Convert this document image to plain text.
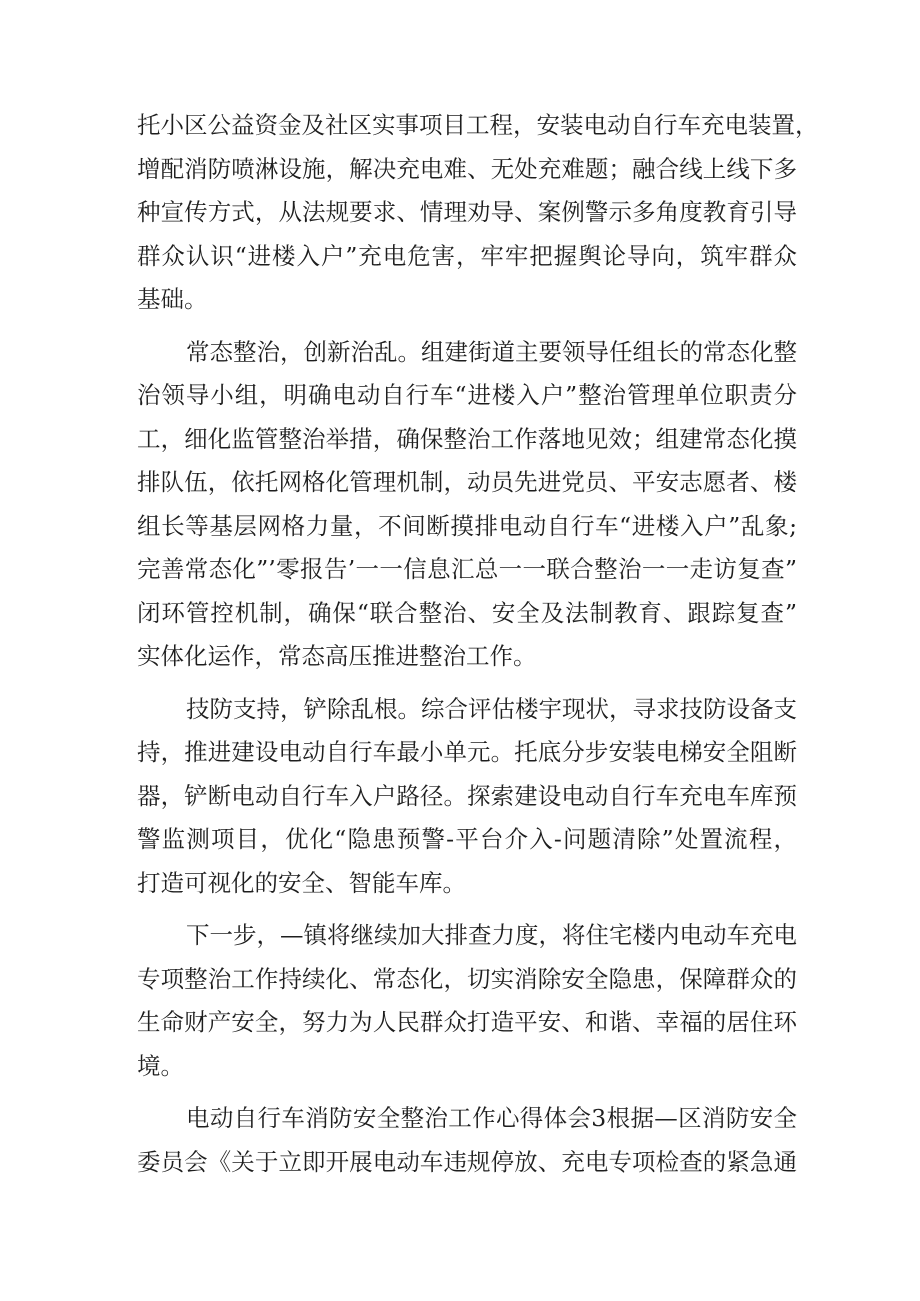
托小区公益资金及社区实事项目工程，安装电动自行车充电装置，
增配消防喷淋设施，解决充电难、无处充难题；融合线上线下多
种宣传方式，从法规要求、情理劝导、案例警示多角度教育引导
群众认识“进楼入户”充电危害，牢牢把握舆论导向，筑牢群众
基础。
常态整治，创新治乱。组建街道主要领导任组长的常态化整
治领导小组，明确电动自行车“进楼入户”整治管理单位职责分
工，细化监管整治举措，确保整治工作落地见效；组建常态化摸
排队伍，依托网格化管理机制，动员先进党员、平安志愿者、楼
组长等基层网格力量，不间断摸排电动自行车“进楼入户”乱象;
完善常态化”’零报告’一一信息汇总一一联合整治一一走访复查”
闭环管控机制，确保“联合整治、安全及法制教育、跟踪复查”
实体化运作，常态高压推进整治工作。
技防支持，铲除乱根。综合评估楼宇现状，寻求技防设备支
持，推进建设电动自行车最小单元。托底分步安装电梯安全阻断
器，铲断电动自行车入户路径。探索建设电动自行车充电车库预
警监测项目，优化“隐患预警-平台介入-问题清除”处置流程，
打造可视化的安全、智能车库。
下一步，—镇将继续加大排查力度，将住宅楼内电动车充电
专项整治工作持续化、常态化，切实消除安全隐患，保障群众的
生命财产安全，努力为人民群众打造平安、和谐、幸福的居住环
境。
电动自行车消防安全整治工作心得体会3根据—区消防安全
委员会《关于立即开展电动车违规停放、充电专项检查的紧急通
